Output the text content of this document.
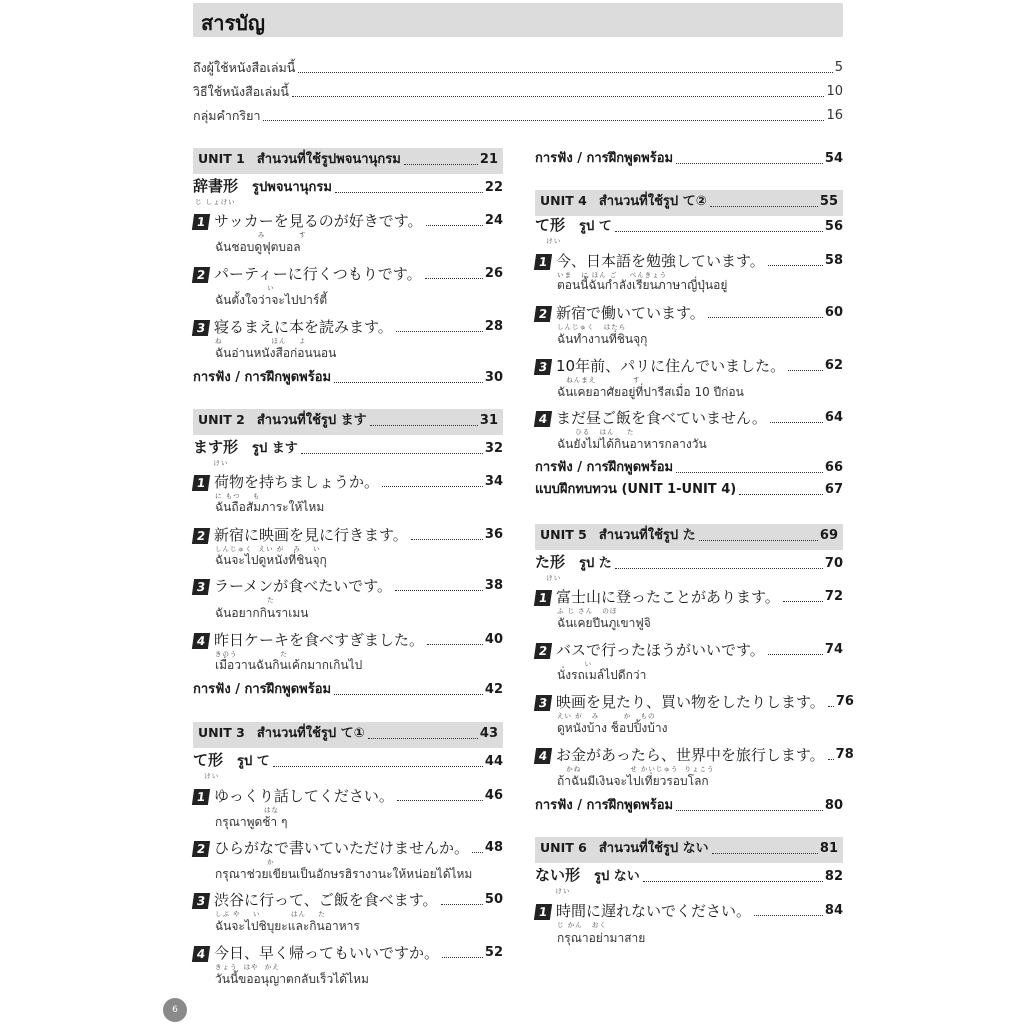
สารบัญ
ถึงผู้ใช้หนังสือเล่มนี้	5
วิธีใช้หนังสือเล่มนี้	10
กลุ่มคำกริยา	16
UNIT 1 สำนวนที่ใช้รูปพจนานุกรม	21
辞書形 รูปพจนานุกรม	22
じ しょけい
1 サッカーを見るのが好きです。	24
み           す
ฉันชอบดูฟุตบอล
2 パーティーに行くつもりです。	26
い
ฉันตั้งใจว่าจะไปปาร์ตี้
3 寝るまえに本を読みます。	28
ね                ほん    よ
ฉันอ่านหนังสือก่อนนอน
การฟัง / การฝึกพูดพร้อม	30
UNIT 2 สำนวนที่ใช้รูป ます	31
ます形 รูป ます	32
けい
1 荷物を持ちましょうか。	34
に もつ    も
ฉันถือสัมภาระให้ไหม
2 新宿に映画を見に行きます。	36
しんじゅく  えい が   み    い
ฉันจะไปดูหนังที่ชินจุกุ
3 ラーメンが食べたいです。	38
た
ฉันอยากกินราเมน
4 昨日ケーキを食べすぎました。	40
きのう              た
เมื่อวานฉันกินเค้กมากเกินไป
การฟัง / การฝึกพูดพร้อม	42
UNIT 3 สำนวนที่ใช้รูป て①	43
て形 รูป て	44
けい
1 ゆっくり話してください。	46
はな
กรุณาพูดช้า ๆ
2 ひらがなで書いていただけませんか。 48
か
กรุณาช่วยเขียนเป็นอักษรฮิรางานะให้หน่อยได้ไหม
3 渋谷に行って、ご飯を食べます。	50
しぶ や    い          はん    た
ฉันจะไปชิบุยะและกินอาหาร
4 今日、早く帰ってもいいですか。	52
きょう  はや  かえ
วันนี้ขออนุญาตกลับเร็วได้ไหม
การฟัง / การฝึกพูดพร้อม	54
UNIT 4 สำนวนที่ใช้รูป て②	55
て形 รูป て	56
けい
1 今、日本語を勉強しています。	58
いま   に ほん ご    べんきょう
ตอนนี้ฉันกำลังเรียนภาษาญี่ปุ่นอยู่
2 新宿で働いています。	60
しんじゅく   はたら
ฉันทำงานที่ชินจุกุ
3 10年前、パリに住んでいました。	62
ねんまえ            す
ฉันเคยอาศัยอยู่ที่ปารีสเมื่อ 10 ปีก่อน
4 まだ昼ご飯を食べていません。	64
ひる   はん    た
ฉันยังไม่ได้กินอาหารกลางวัน
การฟัง / การฝึกพูดพร้อม	66
แบบฝึกทบทวน (UNIT 1-UNIT 4)	67
UNIT 5 สำนวนที่ใช้รูป た	69
た形 รูป た	70
けい
1 富士山に登ったことがあります。	72
ふ じ さん   のぼ
ฉันเคยปีนภูเขาฟูจิ
2 バスで行ったほうがいいです。	74
い
นั่งรถเมล์ไปดีกว่า
3 映画を見たり、買い物をしたりします。 76
えい が   み        か   もの
ดูหนังบ้าง ช็อปปิ้งบ้าง
4 お金があったら、世界中を旅行します。 78
かね                せ かいじゅう  りょこう
ถ้าฉันมีเงินจะไปเที่ยวรอบโลก
การฟัง / การฝึกพูดพร้อม	80
UNIT 6 สำนวนที่ใช้รูป ない	81
ない形 รูป ない	82
けい
1 時間に遅れないでください。	84
じ かん   おく
กรุณาอย่ามาสาย
6
